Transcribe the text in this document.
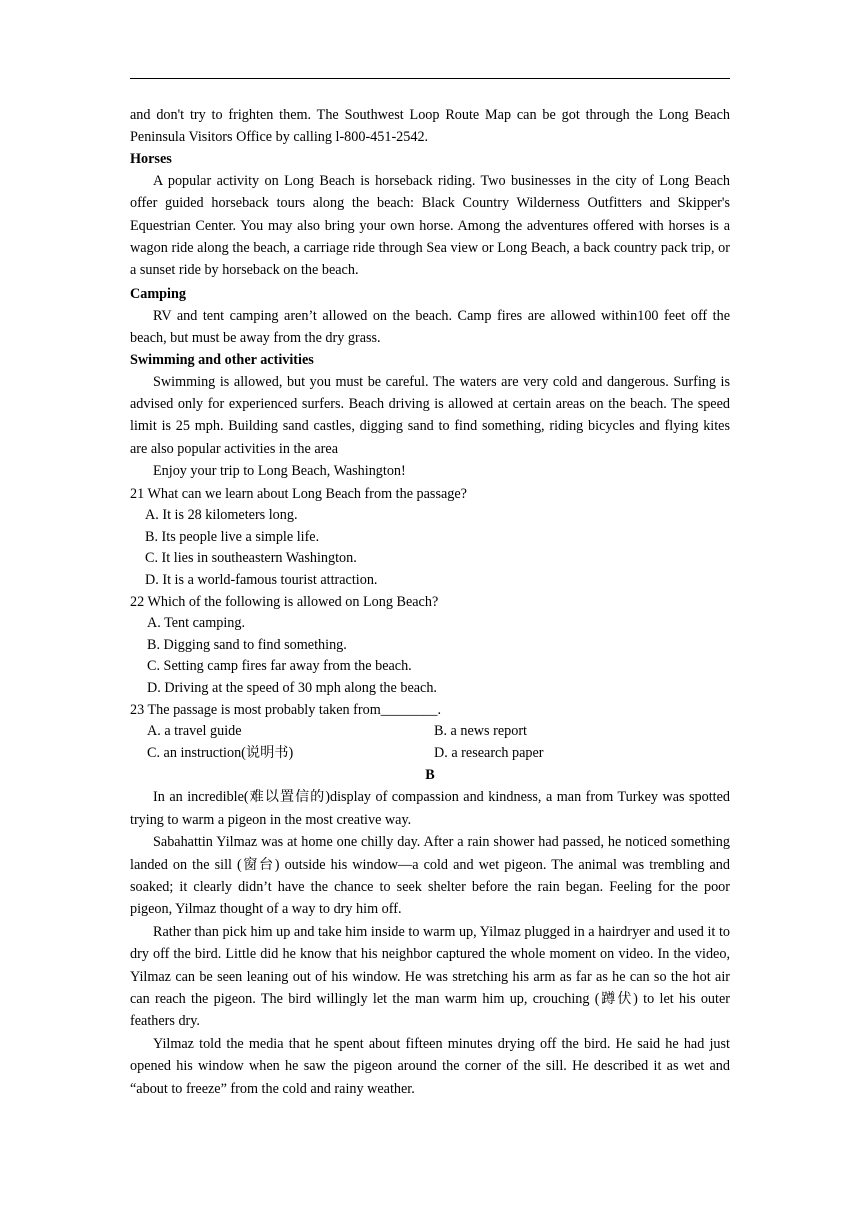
and don't try to frighten them. The Southwest Loop Route Map can be got through the Long Beach Peninsula Visitors Office by calling l-800-451-2542.

Horses

A popular activity on Long Beach is horseback riding. Two businesses in the city of Long Beach offer guided horseback tours along the beach: Black Country Wilderness Outfitters and Skipper's Equestrian Center. You may also bring your own horse. Among the adventures offered with horses is a wagon ride along the beach, a carriage ride through Sea view or Long Beach, a back country pack trip, or a sunset ride by horseback on the beach.

Camping

RV and tent camping aren’t allowed on the beach. Camp fires are allowed within100 feet off the beach, but must be away from the dry grass.

Swimming and other activities

Swimming is allowed, but you must be careful. The waters are very cold and dangerous. Surfing is advised only for experienced surfers. Beach driving is allowed at certain areas on the beach. The speed limit is 25 mph. Building sand castles, digging sand to find something, riding bicycles and flying kites are also popular activities in the area

Enjoy your trip to Long Beach, Washington!

21 What can we learn about Long Beach from the passage?
A. It is 28 kilometers long.
B. Its people live a simple life.
C. It lies in southeastern Washington.
D. It is a world-famous tourist attraction.
22 Which of the following is allowed on Long Beach?
A. Tent camping.
B. Digging sand to find something.
C. Setting camp fires far away from the beach.
D. Driving at the speed of 30 mph along the beach.
23 The passage is most probably taken from________.
A. a travel guide	B. a news report
C. an instruction(说明书)	D. a research paper
B

In an incredible(难以置信的)display of compassion and kindness, a man from Turkey was spotted trying to warm a pigeon in the most creative way.

Sabahattin Yilmaz was at home one chilly day. After a rain shower had passed, he noticed something landed on the sill (窗台) outside his window—a cold and wet pigeon. The animal was trembling and soaked; it clearly didn’t have the chance to seek shelter before the rain began. Feeling for the poor pigeon, Yilmaz thought of a way to dry him off.

Rather than pick him up and take him inside to warm up, Yilmaz plugged in a hairdryer and used it to dry off the bird. Little did he know that his neighbor captured the whole moment on video. In the video, Yilmaz can be seen leaning out of his window. He was stretching his arm as far as he can so the hot air can reach the pigeon. The bird willingly let the man warm him up, crouching (蹲伏) to let his outer feathers dry.

Yilmaz told the media that he spent about fifteen minutes drying off the bird. He said he had just opened his window when he saw the pigeon around the corner of the sill. He described it as wet and “about to freeze” from the cold and rainy weather.
